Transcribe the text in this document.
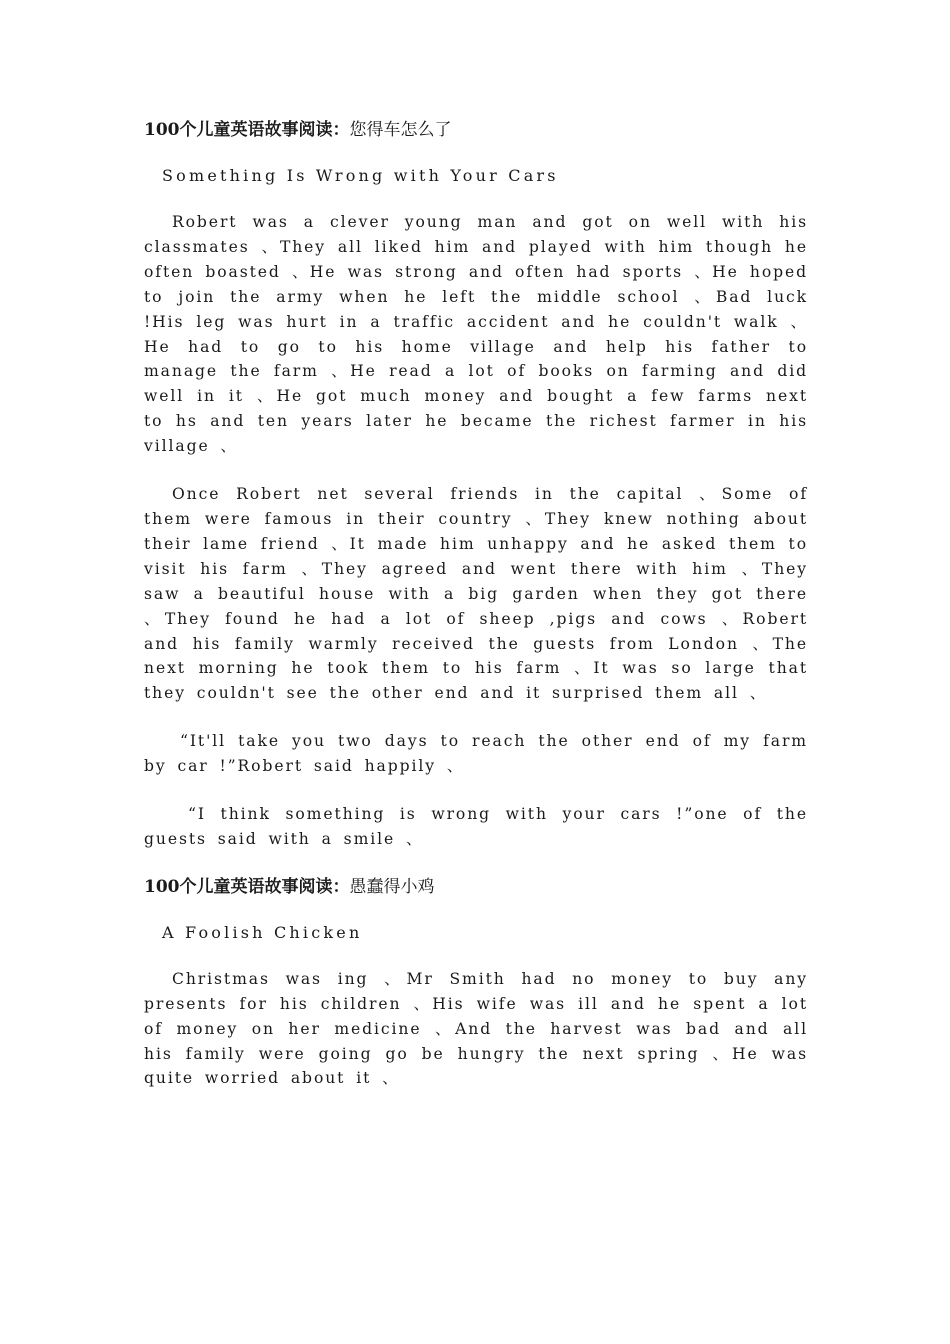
100个儿童英语故事阅读：您得车怎么了

Something Is Wrong with Your Cars

Robert was a clever young man and got on well with his classmates 、They all liked him and played with him though he often boasted 、He was strong and often had sports 、He hoped to join the army when he left the middle school 、Bad luck !His leg was hurt in a traffic accident and he couldn't walk 、He had to go to his home village and help his father to manage the farm 、He read a lot of books on farming and did well in it 、He got much money and bought a few farms next to hs and ten years later he became the richest farmer in his village 、

Once Robert net several friends in the capital 、Some of them were famous in their country 、They knew nothing about their lame friend 、It made him unhappy and he asked them to visit his farm 、They agreed and went there with him 、They saw a beautiful house with a big garden when they got there 、They found he had a lot of sheep ,pigs and cows 、Robert and his family warmly received the guests from London 、The next morning he took them to his farm 、It was so large that they couldn't see the other end and it surprised them all 、

“It'll take you two days to reach the other end of my farm by car !”Robert said happily 、

“I think something is wrong with your cars !”one of the guests said with a smile 、

100个儿童英语故事阅读：愚蠢得小鸡

A Foolish Chicken

Christmas was ing 、Mr Smith had no money to buy any presents for his children 、His wife was ill and he spent a lot of money on her medicine 、And the harvest was bad and all his family were going go be hungry the next spring 、He was quite worried about it 、
